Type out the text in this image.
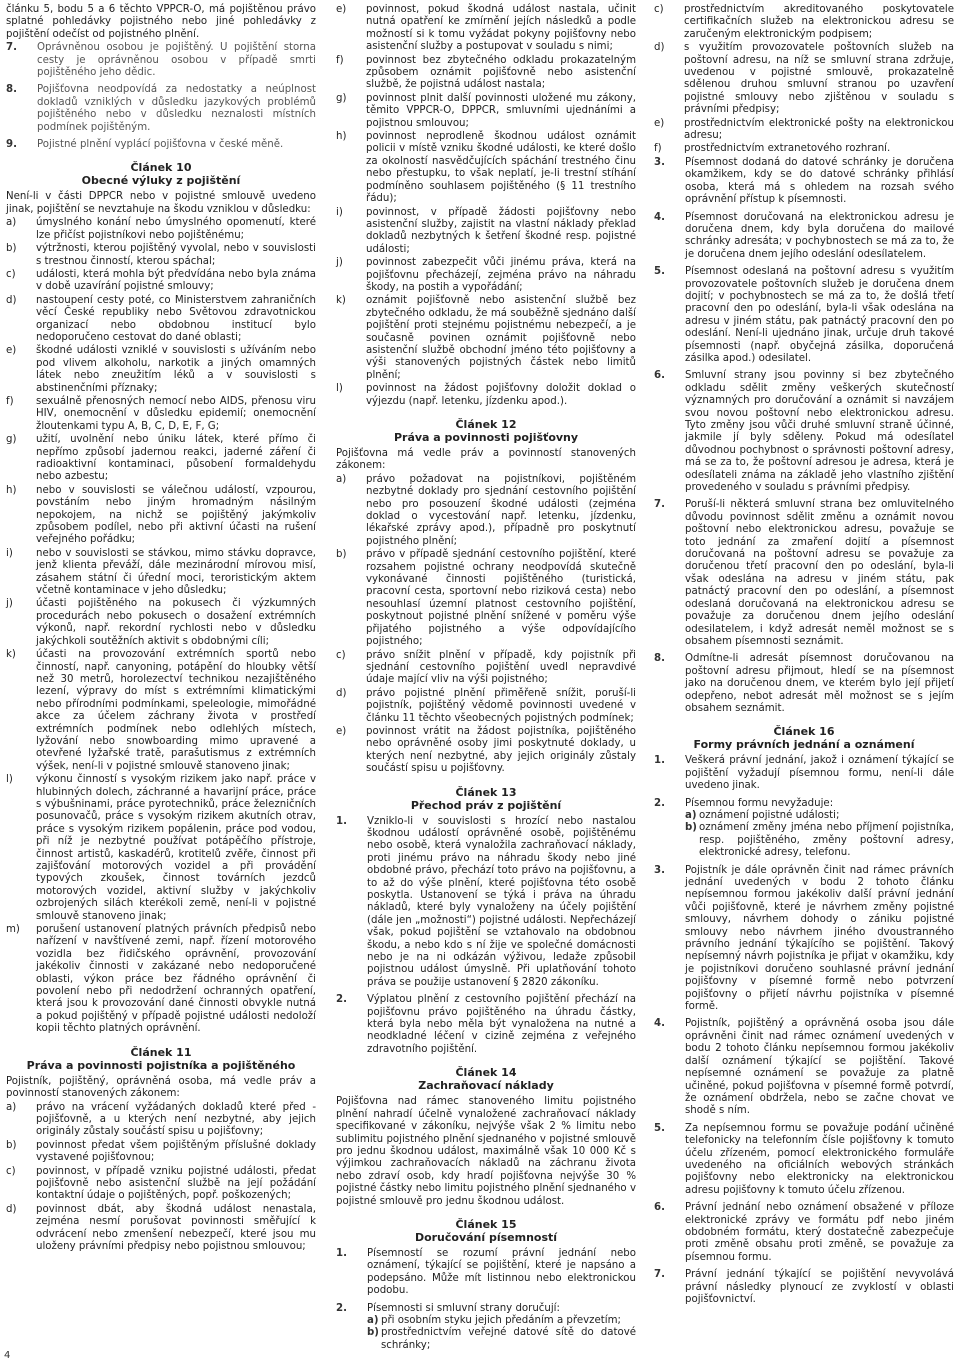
článku 5, bodu 5 a 6 těchto VPPCR-O, má pojištěnou právo splatné pohledávky pojistného nebo jiné pohledávky z pojištění odečíst od pojistného plnění.

7. Oprávněnou osobou je pojištěný. U pojištění storna cesty je oprávněnou osobou v případě smrti pojištěného jeho dědic.
8. Pojišťovna neodpovídá za nedostatky a neúplnost dokladů vzniklých v důsledku jazykových problémů pojištěného nebo v důsledku neznalosti místních podmínek pojištěným.
9. Pojistné plnění vyplácí pojišťovna v české měně.
Článek 10
Obecné výluky z pojištění

Není-li v části DPPCR nebo v pojistné smlouvě uvedeno jinak, pojištění se nevztahuje na škodu vzniklou v důsledku:

a) úmyslného konání nebo úmyslného opomenutí, které lze přičíst pojistníkovi nebo pojištěnému;
b) výtržnosti, kterou pojištěný vyvolal, nebo v souvislosti s trestnou činností, kterou spáchal;
c) události, která mohla být předvídána nebo byla známa v době uzavírání pojistné smlouvy;
d) nastoupení cesty poté, co Ministerstvem zahraničních věcí České republiky nebo Světovou zdravotnickou organizací nebo obdobnou institucí bylo nedoporučeno cestovat do dané oblasti;
e) škodné události vzniklé v souvislosti s užíváním nebo pod vlivem alkoholu, narkotik a jiných omamných látek nebo zneužitím léků a v souvislosti s abstinenčními příznaky;
f) sexuálně přenosných nemocí nebo AIDS, přenosu viru HIV, onemocnění v důsledku epidemií; onemocnění žloutenkami typu A, B, C, D, E, F, G;
g) užití, uvolnění nebo úniku látek, které přímo či nepřímo způsobí jadernou reakci, jaderné záření či radioaktivní kontaminaci, působení formaldehydu nebo azbestu;
h) nebo v souvislosti se válečnou událostí, vzpourou, povstáním nebo jiným hromadným násilným nepokojem, na nichž se pojištěný jakýmkoliv způsobem podílel, nebo při aktivní účasti na rušení veřejného pořádku;
i) nebo v souvislosti se stávkou, mimo stávku dopravce, jenž klienta převáží, dále mezinárodní mírovou misí, zásahem státní či úřední moci, teroristickým aktem včetně kontaminace v jeho důsledku;
j) účasti pojištěného na pokusech či výzkumných procedurách nebo pokusech o dosažení extrémních výkonů, např. rekordní rychlosti nebo v důsledku jakýchkoli soutěžních aktivit s obdobnými cíli;
k) účasti na provozování extrémních sportů nebo činností, např. canyoning, potápění do hloubky větší než 30 metrů, horolezectví technikou nezajištěného lezení, výpravy do míst s extrémními klimatickými nebo přírodními podmínkami, speleologie, mimořádné akce za účelem záchrany života v prostředí extrémních podmínek nebo odlehlých místech, lyžování nebo snowboarding mimo upravené a otevřené lyžařské tratě, parašutismus z extrémních výšek, není-li v pojistné smlouvě stanoveno jinak;
l) výkonu činností s vysokým rizikem jako např. práce v hlubinných dolech, záchranné a havarijní práce, práce s výbušninami, práce pyrotechniků, práce železničních posunovačů, práce s vysokým rizikem akutních otrav, práce s vysokým rizikem popálenin, práce pod vodou, při níž je nezbytné používat potápěčího přístroje, činnost artistů, kaskadérů, krotitelů zvěře, činnost při zajišťování motorových vozidel a při provádění typových zkoušek, činnost továrních jezdců motorových vozidel, aktivní služby v jakýchkoliv ozbrojených silách kterékoli země, není-li v pojistné smlouvě stanoveno jinak;
m) porušení ustanovení platných právních předpisů nebo nařízení v navštívené zemi, např. řízení motorového vozidla bez řidičského oprávnění, provozování jakékoliv činnosti v zakázané nebo nedoporučené oblasti, výkon práce bez řádného oprávnění či povolení nebo při nedodržení ochranných opatření, která jsou k provozování dané činnosti obvykle nutná a pokud pojištěný v případě pojistné události nedoloží kopii těchto platných oprávnění.
Článek 11
Práva a povinnosti pojistníka a pojištěného

Pojistník, pojištěný, oprávněná osoba, má vedle práv a povinností stanovených zákonem:

a) právo na vrácení vyžádaných dokladů které před pojišťovně, a u kterých není nezbytné, aby jejich originály zůstaly součástí spisu u pojišťovny;
b) povinnost předat všem pojištěným příslušné doklady vystavené pojišťovnou;
c) povinnost, v případě vzniku pojistné události, předat pojišťovně nebo asistenční službě na její požádání kontaktní údaje o pojištěných, popř. poškozených;
d) povinnost dbát, aby škodná událost nenastala, zejména nesmí porušovat povinnosti směřující k odvrácení nebo zmenšení nebezpečí, které jsou mu uloženy právními předpisy nebo pojistnou smlouvou;
e) povinnost, pokud škodná událost nastala, učinit nutná opatření ke zmírnění jejích následků a podle možností si k tomu vyžádat pokyny pojišťovny nebo asistenční služby a postupovat v souladu s nimi;
f) povinnost bez zbytečného odkladu prokazatelným způsobem oznámit pojišťovně nebo asistenční službě, že pojistná událost nastala;
g) povinnost plnit další povinnosti uložené mu zákony, těmito VPPCR-O, DPPCR, smluvními ujednáními a pojistnou smlouvou;
h) povinnost neprodleně škodnou událost oznámit policii v místě vzniku škodné události, ke které došlo za okolností nasvědčujících spáchání trestného činu nebo přestupku, to však neplatí, je-li trestní stíhání podmíněno souhlasem pojištěného (§ 11 trestního řádu);
i) povinnost, v případě žádosti pojišťovny nebo asistenční služby, zajistit na vlastní náklady překlad dokladů nezbytných k šetření škodné resp. pojistné události;
j) povinnost zabezpečit vůči jinému práva, která na pojišťovnu přecházejí, zejména právo na náhradu škody, na postih a vypořádání;
k) oznámit pojišťovně nebo asistenční službě bez zbytečného odkladu, že má souběžně sjednáno další pojištění proti stejnému pojistnému nebezpečí, a je současně povinen oznámit pojišťovně nebo asistenční službě obchodní jméno této pojišťovny a výši stanovených pojistných částek nebo limitů plnění;
l) povinnost na žádost pojišťovny doložit doklad o výjezdu (např. letenku, jízdenku apod.).
Článek 12
Práva a povinnosti pojišťovny

Pojišťovna má vedle práv a povinností stanovených zákonem:

a) právo požadovat na pojistníkovi, pojištěném nezbytné doklady pro sjednání cestovního pojištění nebo pro posouzení škodné události (zejména doklad o vycestování např. letenku, jízdenku, lékařské zprávy apod.), případně pro poskytnutí pojistného plnění;
b) právo v případě sjednání cestovního pojištění, které rozsahem pojistné ochrany neodpovídá skutečně vykonávané činnosti pojištěného (turistická, pracovní cesta, sportovní nebo riziková cesta) nebo nesouhlasí územní platnost cestovního pojištění, poskytnout pojistné plnění snížené v poměru výše přijatého pojistného a výše odpovídajícího pojistného;
c) právo snížit plnění v případě, kdy pojistník při sjednání cestovního pojištění uvedl nepravdivé údaje mající vliv na výši pojistného;
d) právo pojistné plnění přiměřeně snížit, poruší-li pojistník, pojištěný vědomě povinnosti uvedené v článku 11 těchto všeobecných pojistných podmínek;
e) povinnost vrátit na žádost pojistníka, pojištěného nebo oprávněné osoby jimi poskytnuté doklady, u kterých není nezbytné, aby jejich originály zůstaly součástí spisu u pojišťovny.
Článek 13
Přechod práv z pojištění
1. Vzniklo-li v souvislosti s hrozící nebo nastalou škodnou událostí oprávněné osobě, pojištěnému nebo osobě, která vynaložila zachraňovací náklady, proti jinému právo na náhradu škody nebo jiné obdobné právo, přechází toto právo na pojišťovnu, a to až do výše plnění, které pojišťovna této osobě poskytla. Ustanovení se týká i práva na úhradu nákladů, které byly vynaloženy na účely pojištění (dále jen „možnosti“) pojistné události. Nepřecházejí však, pokud pojištění se vztahovalo na obdobnou škodu, a nebo kdo s ní žije ve společné domácnosti nebo je na ni odkázán výživou, ledaže způsobil pojistnou událost úmyslně. Při uplatňování tohoto práva se použije ustanovení § 2820 zákoníku.
2. Výplatou plnění z cestovního pojištění přechází na pojišťovnu právo pojištěného na úhradu částky, která byla nebo měla být vynaložena na nutné a neodkladné léčení v cizině zejména z veřejného zdravotního pojištění.
Článek 14
Zachraňovací náklady

Pojišťovna nad rámec stanoveného limitu pojistného plnění nahradí účelně vynaložené zachraňovací náklady specifikované v zákoníku, nejvýše však 2 % limitu nebo sublimitu pojistného plnění sjednaného v pojistné smlouvě pro jednu škodnou událost, maximálně však 10 000 Kč s výjimkou zachraňovacích nákladů na záchranu života nebo zdraví osob, kdy hradí pojišťovna nejvýše 30 % pojistné částky nebo limitu pojistného plnění sjednaného v pojistné smlouvě pro jednu škodnou událost.

Článek 15
Doručování písemností
1. Písemností se rozumí právní jednání nebo oznámení, týkající se pojištění, které je napsáno a podepsáno. Může mít listinnou nebo elektronickou podobu.
2. Písemnosti si smluvní strany doručují:
a) při osobním styku jejich předáním a převzetím;
b) prostřednictvím veřejné datové sítě do datové schránky;
c) prostřednictvím akreditovaného poskytovatele certifikačních služeb na elektronickou adresu se zaručeným elektronickým podpisem;
d) s využitím provozovatele poštovních služeb na poštovní adresu, na níž se smluvní strana zdržuje, uvedenou v pojistné smlouvě, prokazatelně sdělenou druhou smluvní stranou po uzavření pojistné smlouvy nebo zjištěnou v souladu s právními předpisy;
e) prostřednictvím elektronické pošty na elektronickou adresu;
f) prostřednictvím extranetového rozhraní.
3. Písemnost dodaná do datové schránky je doručena okamžikem, kdy se do datové schránky přihlásí osoba, která má s ohledem na rozsah svého oprávnění přístup k písemnosti.
4. Písemnost doručovaná na elektronickou adresu je doručena dnem, kdy byla doručena do mailové schránky adresáta; v pochybnostech se má za to, že je doručena dnem jejího odeslání odesílatelem.
5. Písemnost odeslaná na poštovní adresu s využitím provozovatele poštovních služeb je doručena dnem dojití; v pochybnostech se má za to, že došlá třetí pracovní den po odeslání, byla-li však odeslána na adresu v jiném státu, pak patnáctý pracovní den po odeslání. Není-li ujednáno jinak, určuje druh takové písemnosti (např. obyčejná zásilka, doporučená zásilka apod.) odesilatel.
6. Smluvní strany jsou povinny si bez zbytečného odkladu sdělit změny veškerých skutečností významných pro doručování a oznámit si navzájem svou novou poštovní nebo elektronickou adresu. Tyto změny jsou vůči druhé smluvní straně účinné, jakmile jí byly sděleny. Pokud má odesílatel důvodnou pochybnost o správnosti poštovní adresy, má se za to, že poštovní adresou je adresa, která je odesílateli známa na základě jeho vlastního zjištění provedeného v souladu s právními předpisy.
7. Poruší-li některá smluvní strana bez omluvitelného důvodu povinnost sdělit změnu a oznámit novou poštovní nebo elektronickou adresu, považuje se toto jednání za zmaření dojití a písemnost doručovaná na poštovní adresu se považuje za doručenou třetí pracovní den po odeslání, byla-li však odeslána na adresu v jiném státu, pak patnáctý pracovní den po odeslání, a písemnost odeslaná doručovaná na elektronickou adresu se považuje za doručenou dnem jejího odeslání odesilatelem, i když adresát neměl možnost se s obsahem písemnosti seznámit.
8. Odmítne-li adresát písemnost doručovanou na poštovní adresu přijmout, hledí se na písemnost jako na doručenou dnem, ve kterém bylo její přijetí odepřeno, nebot adresát měl možnost se s jejím obsahem seznámit.
Článek 16
Formy právních jednání a oznámení
1. Veškerá právní jednání, jakož i oznámení týkající se pojištění vyžadují písemnou formu, není-li dále uvedeno jinak.
2. Písemnou formu nevyžaduje:
a) oznámení pojistné události;
b) oznámení změny jména nebo příjmení pojistníka, resp. pojištěného, změny poštovní adresy, elektronické adresy, telefonu.
3. Pojistník je dále oprávněn činit nad rámec právních jednání uvedených v bodu 2 tohoto článku nepísemnou formou jakékoliv další právní jednání vůči pojišťovně, které je návrhem změny pojistné smlouvy, návrhem dohody o zániku pojistné smlouvy nebo návrhem jiného dvoustranného právního jednání týkajícího se pojištění. Takový nepísemný návrh pojistníka je přijat v okamžiku, kdy je pojistníkovi doručeno souhlasné právní jednání pojišťovny v písemné formě nebo potvrzení pojišťovny o přijetí návrhu pojistníka v písemné formě.
4. Pojistník, pojištěný a oprávněná osoba jsou dále oprávněni činit nad rámec oznámení uvedených v bodu 2 tohoto článku nepísemnou formou jakékoliv další oznámení týkající se pojištění. Takové nepísemné oznámení se považuje za platně učiněné, pokud pojišťovna v písemné formě potvrdí, že oznámení obdržela, nebo se začne chovat ve shodě s ním.
5. Za nepísemnou formu se považuje podání učiněné telefonicky na telefonním čísle pojišťovny k tomuto účelu zřízeném, pomocí elektronického formuláře uvedeného na oficiálních webových stránkách pojišťovny nebo elektronicky na elektronickou adresu pojišťovny k tomuto účelu zřízenou.
6. Právní jednání nebo oznámení obsažené v příloze elektronické zprávy ve formátu pdf nebo jiném obdobném formátu, který dostatečně zabezpečuje proti změně obsahu proti změně, se považuje za písemnou formu.
7. Právní jednání týkající se pojištění nevyvolává právní následky plynoucí ze zvyklostí v oblasti pojišťovnictví.
4
